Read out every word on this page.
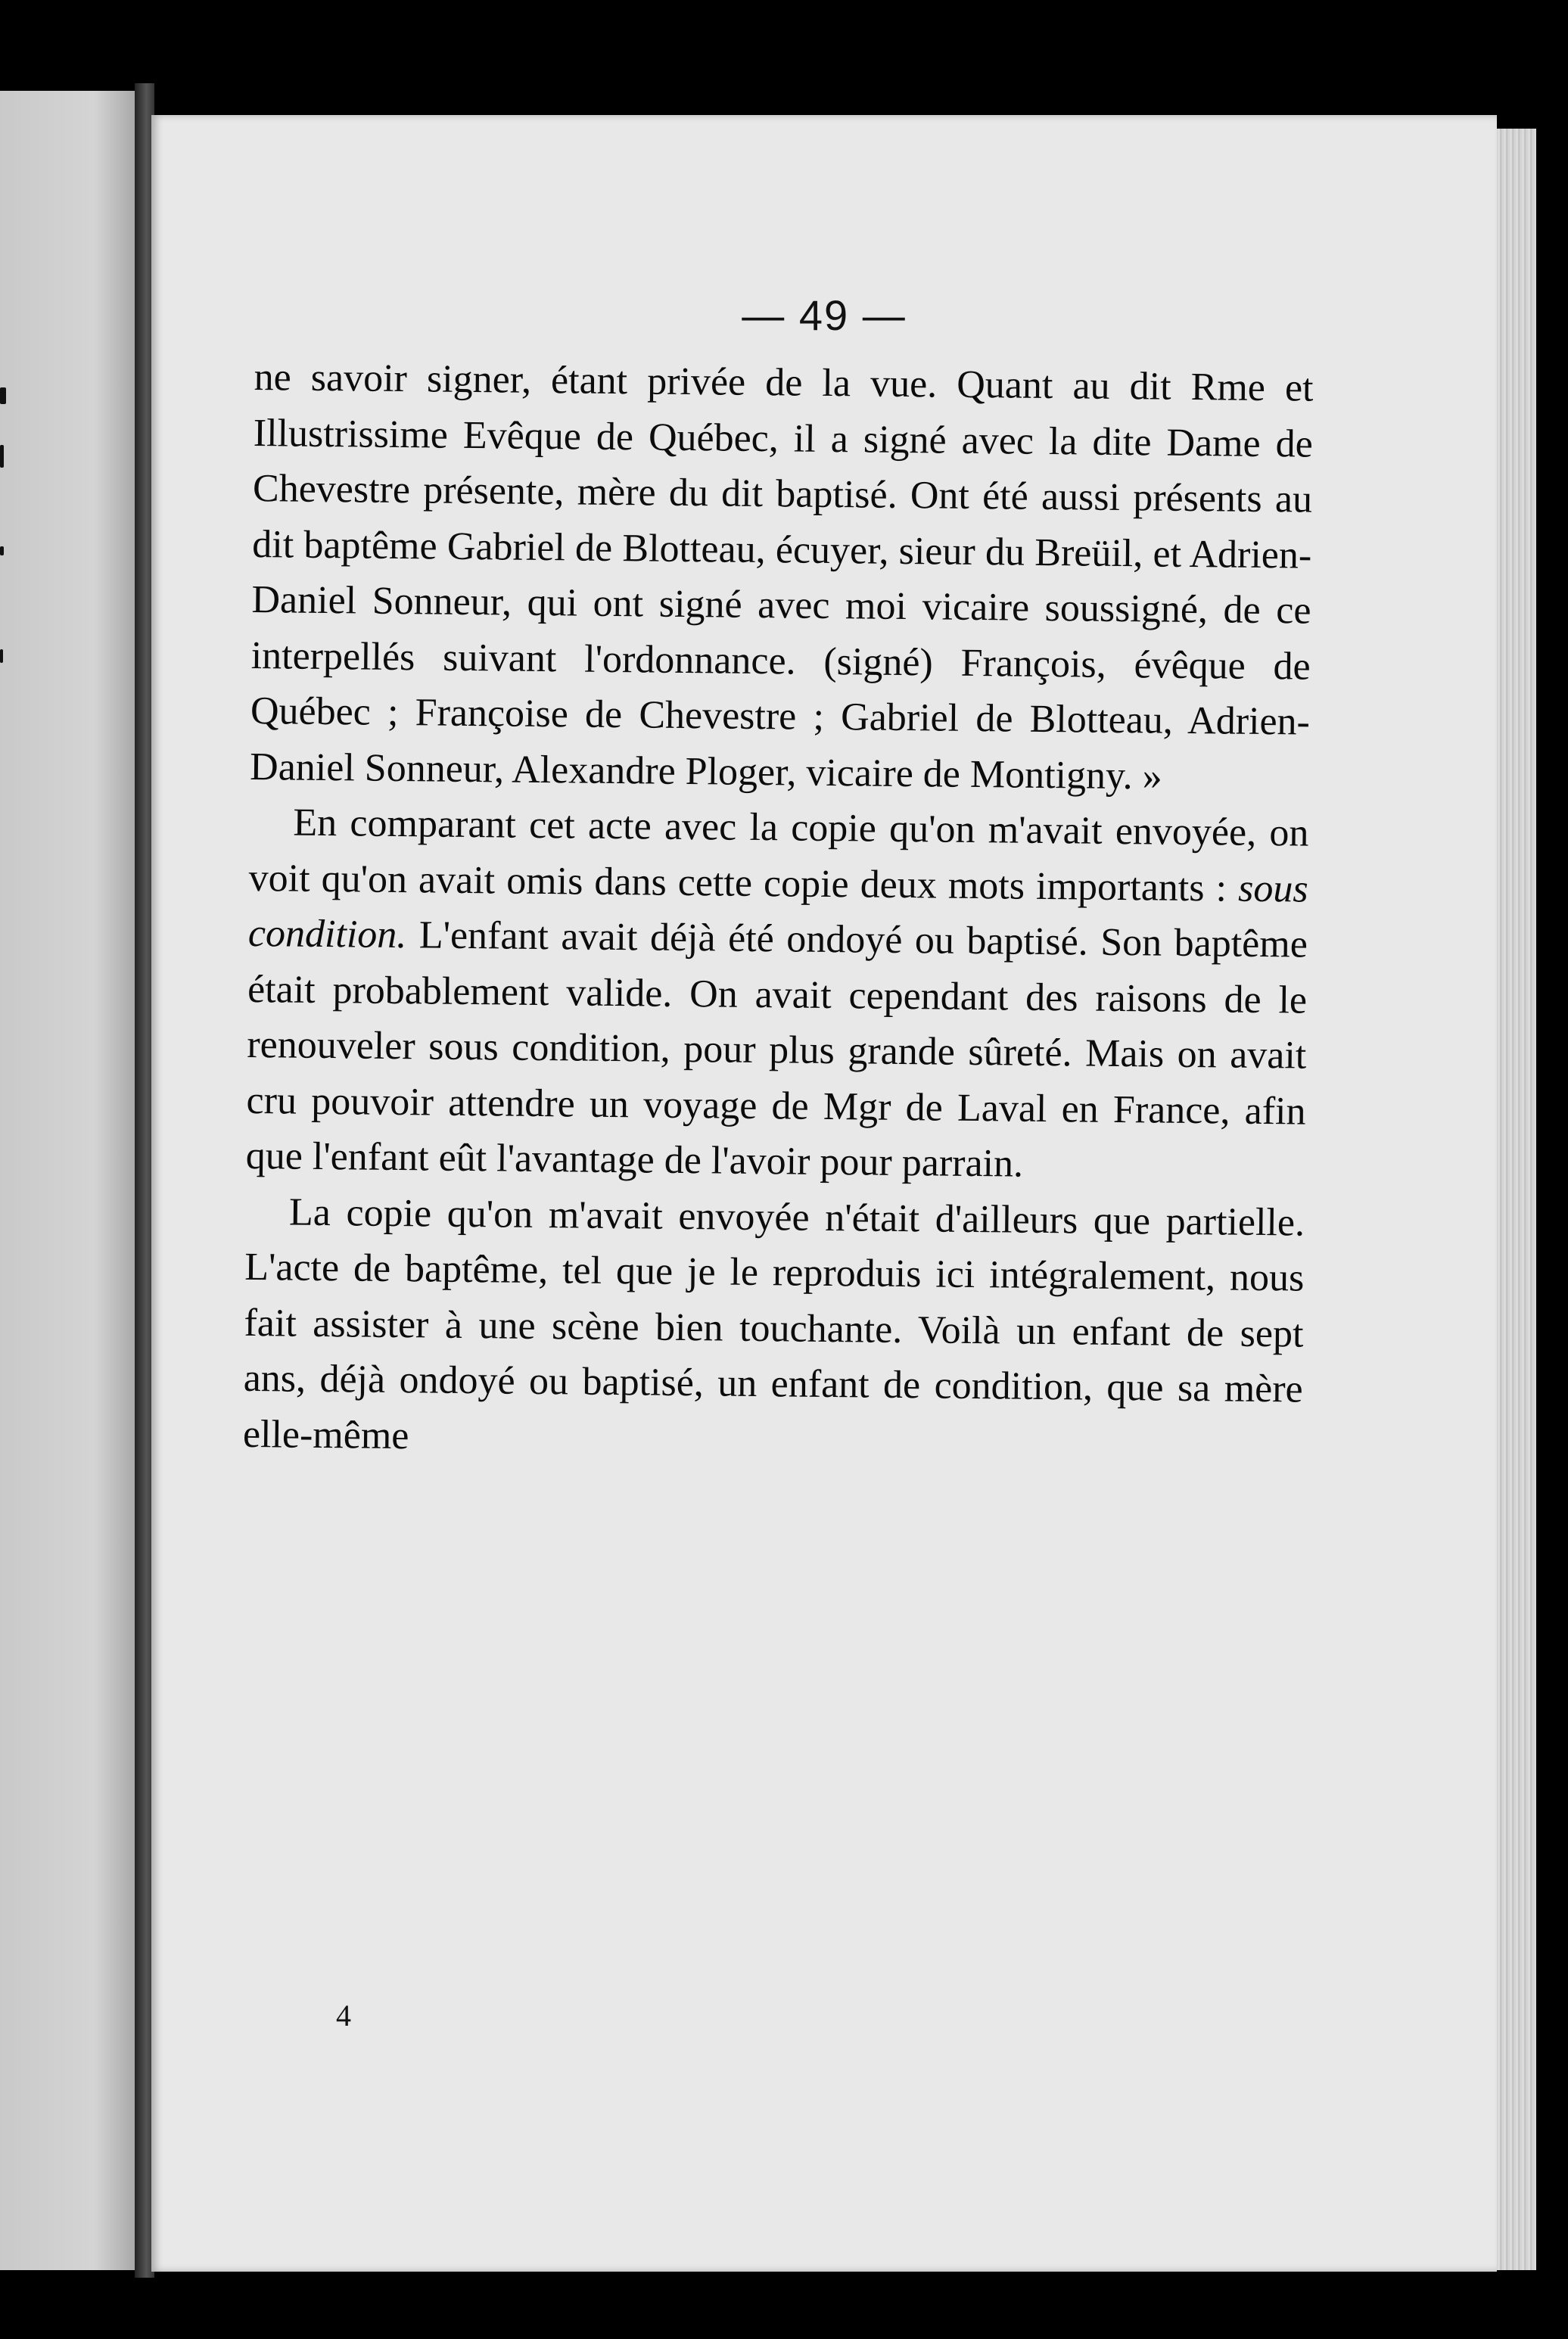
— 49 —

ne savoir signer, étant privée de la vue. Quant au dit Rme et Illustrissime Evêque de Québec, il a signé avec la dite Dame de Chevestre présente, mère du dit baptisé. Ont été aussi présents au dit baptême Gabriel de Blotteau, écuyer, sieur du Breüil, et Adrien-Daniel Sonneur, qui ont signé avec moi vicaire soussigné, de ce interpellés suivant l'ordonnance. (signé) François, évêque de Québec ; Françoise de Chevestre ; Gabriel de Blotteau, Adrien-Daniel Sonneur, Alexandre Ploger, vicaire de Montigny. »

En comparant cet acte avec la copie qu'on m'avait envoyée, on voit qu'on avait omis dans cette copie deux mots importants : sous condition. L'enfant avait déjà été ondoyé ou baptisé. Son baptême était probablement valide. On avait cependant des raisons de le renouveler sous condition, pour plus grande sûreté. Mais on avait cru pouvoir attendre un voyage de Mgr de Laval en France, afin que l'enfant eût l'avantage de l'avoir pour parrain.

La copie qu'on m'avait envoyée n'était d'ailleurs que partielle. L'acte de baptême, tel que je le reproduis ici intégralement, nous fait assister à une scène bien touchante. Voilà un enfant de sept ans, déjà ondoyé ou baptisé, un enfant de condition, que sa mère elle-même

4
